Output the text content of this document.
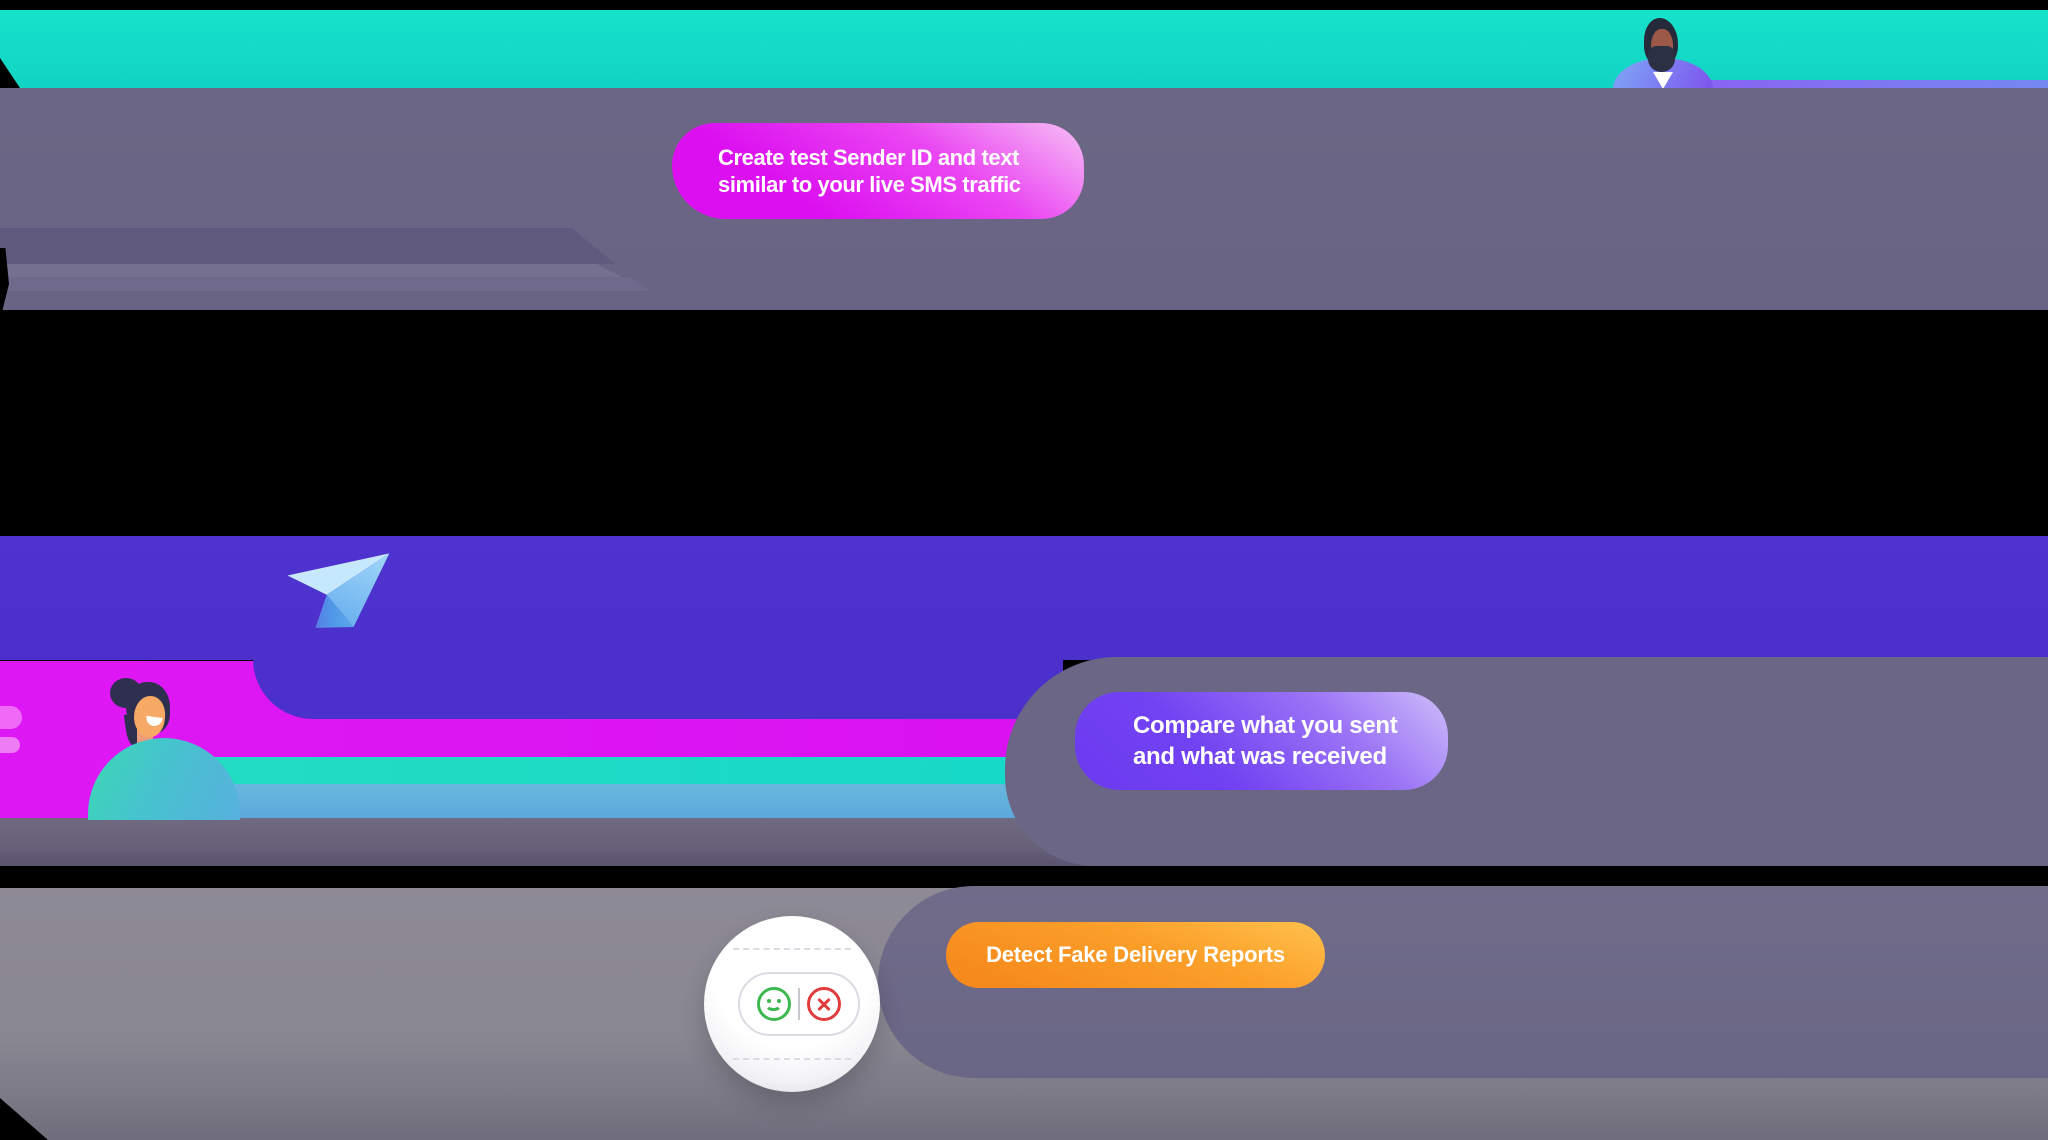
Create test Sender ID and text
similar to your live SMS traffic
Compare what you sent
and what was received
Detect Fake Delivery Reports
